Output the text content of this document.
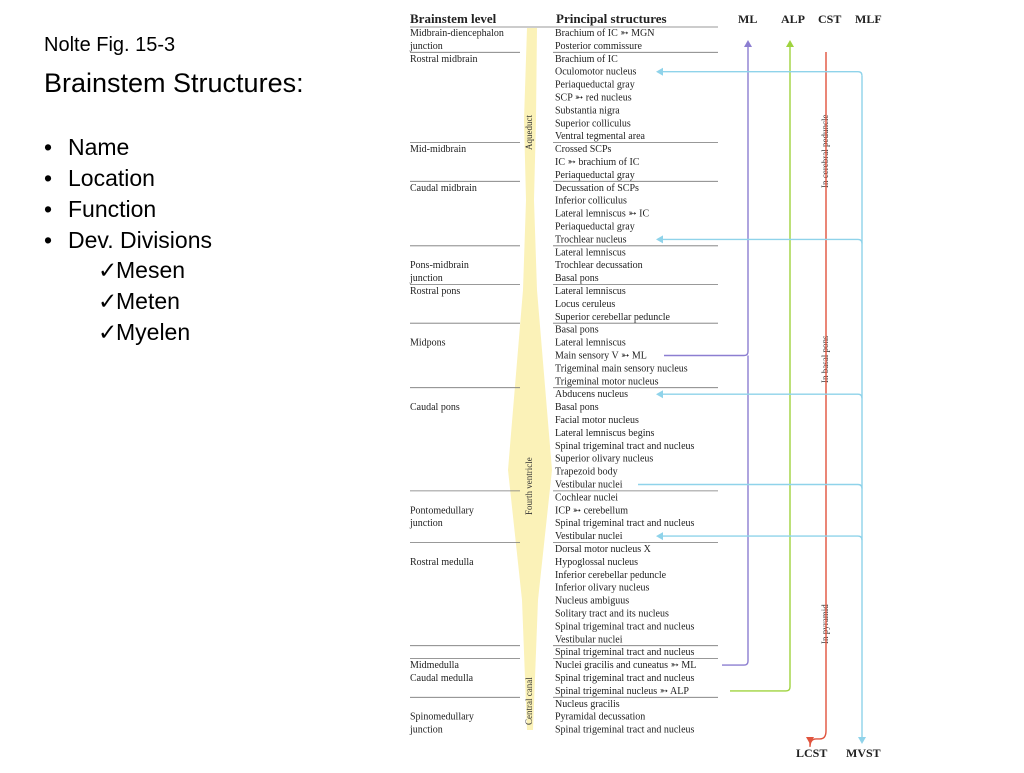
Nolte Fig. 15-3
Brainstem Structures:
• Name
• Location
• Function
• Dev. Divisions
✓ Mesen
✓ Meten
✓ Myelen
Brainstem level	Principal structures	ML ALP CST MLF
Aqueduct
Fourth ventricle
Central canal
In cerebral peduncle
In basal pons
In pyramid
Midbrain-diencephalon
junction
Rostral midbrain
Mid-midbrain
Caudal midbrain
Pons-midbrain
junction
Rostral pons
Midpons
Caudal pons
Pontomedullary
junction
Rostral medulla
Midmedulla
Caudal medulla
Spinomedullary
junction
Brachium of IC ➳ MGN
Posterior commissure
Brachium of IC
Oculomotor nucleus
Periaqueductal gray
SCP ➳ red nucleus
Substantia nigra
Superior colliculus
Ventral tegmental area
Crossed SCPs
IC ➳ brachium of IC
Periaqueductal gray
Decussation of SCPs
Inferior colliculus
Lateral lemniscus ➳ IC
Periaqueductal gray
Trochlear nucleus
Lateral lemniscus
Trochlear decussation
Basal pons
Lateral lemniscus
Locus ceruleus
Superior cerebellar peduncle
Basal pons
Lateral lemniscus
Main sensory V ➳ ML
Trigeminal main sensory nucleus
Trigeminal motor nucleus
Abducens nucleus
Basal pons
Facial motor nucleus
Lateral lemniscus begins
Spinal trigeminal tract and nucleus
Superior olivary nucleus
Trapezoid body
Vestibular nuclei
Cochlear nuclei
ICP ➳ cerebellum
Spinal trigeminal tract and nucleus
Vestibular nuclei
Dorsal motor nucleus X
Hypoglossal nucleus
Inferior cerebellar peduncle
Inferior olivary nucleus
Nucleus ambiguus
Solitary tract and its nucleus
Spinal trigeminal tract and nucleus
Vestibular nuclei
Spinal trigeminal tract and nucleus
Nuclei gracilis and cuneatus ➳ ML
Spinal trigeminal tract and nucleus
Spinal trigeminal nucleus ➳ ALP
Nucleus gracilis
Pyramidal decussation
Spinal trigeminal tract and nucleus
LCST MVST
